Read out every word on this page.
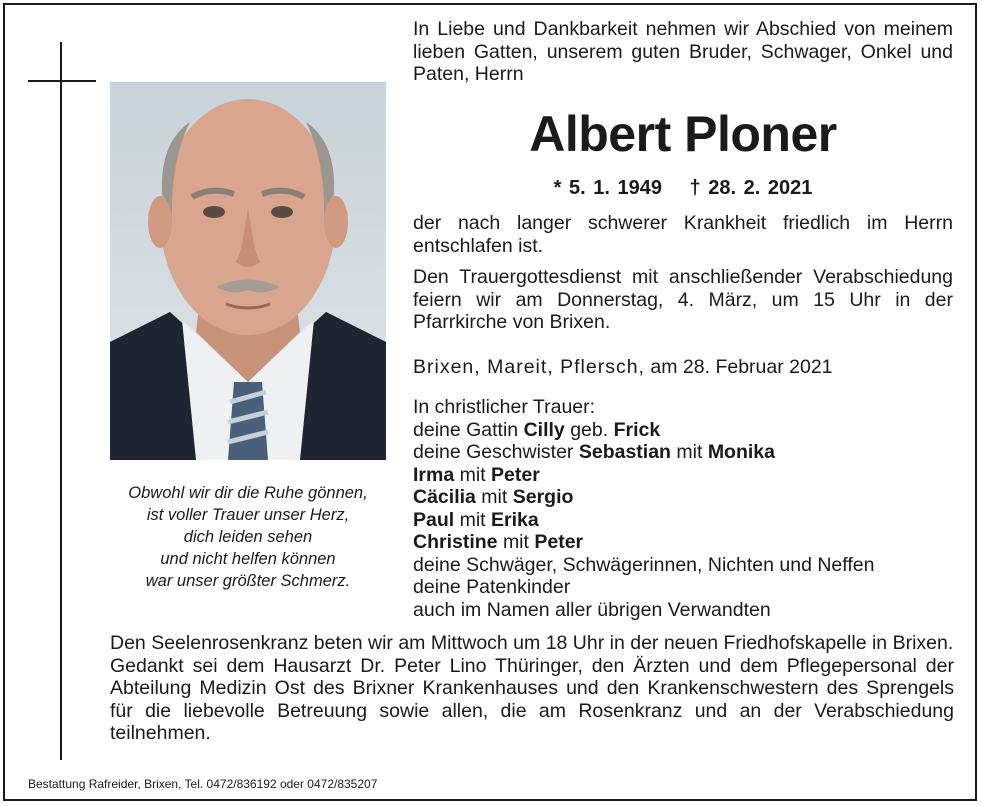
Obwohl wir dir die Ruhe gönnen,
ist voller Trauer unser Herz,
dich leiden sehen
und nicht helfen können
war unser größter Schmerz.
In Liebe und Dankbarkeit nehmen wir Abschied von meinem lieben Gatten, unserem guten Bruder, Schwager, Onkel und Paten, Herrn
Albert Ploner
* 5. 1. 1949 † 28. 2. 2021
der nach langer schwerer Krankheit friedlich im Herrn entschlafen ist.
Den Trauergottesdienst mit anschließender Verabschiedung feiern wir am Donnerstag, 4. März, um 15 Uhr in der Pfarrkirche von Brixen.
Brixen, Mareit, Pflersch, am 28. Februar 2021
In christlicher Trauer:
deine Gattin Cilly geb. Frick
deine Geschwister Sebastian mit Monika
Irma mit Peter
Cäcilia mit Sergio
Paul mit Erika
Christine mit Peter
deine Schwäger, Schwägerinnen, Nichten und Neffen
deine Patenkinder
auch im Namen aller übrigen Verwandten
Den Seelenrosenkranz beten wir am Mittwoch um 18 Uhr in der neuen Friedhofskapelle in Brixen.
Gedankt sei dem Hausarzt Dr. Peter Lino Thüringer, den Ärzten und dem Pflegepersonal der Abteilung Medizin Ost des Brixner Krankenhauses und den Krankenschwestern des Sprengels für die liebevolle Betreuung sowie allen, die am Rosenkranz und an der Verabschiedung teilnehmen.
Bestattung Rafreider, Brixen, Tel. 0472/836192 oder 0472/835207
